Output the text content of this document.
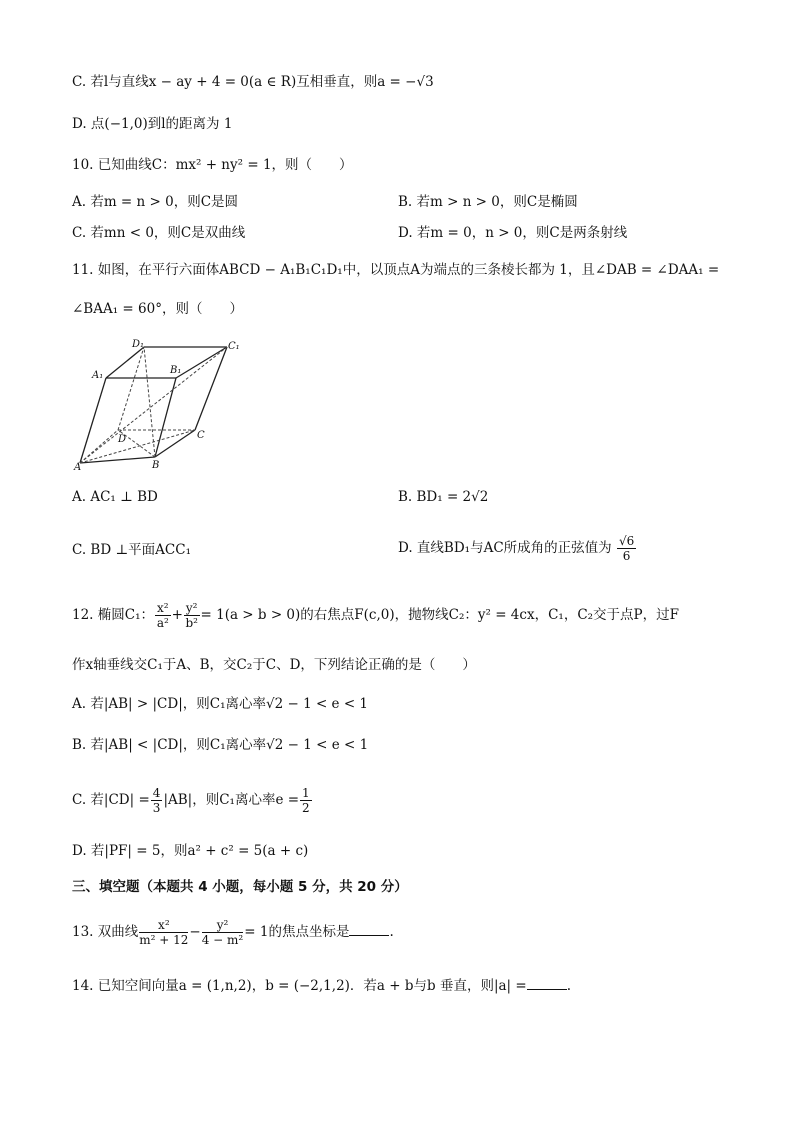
C. 若l与直线x − ay + 4 = 0(a ∈ R)互相垂直，则a = −√3
D. 点(−1,0)到l的距离为 1
10. 已知曲线C：mx² + ny² = 1，则（　　）
A. 若m = n > 0，则C是圆	B. 若m > n > 0，则C是椭圆
C. 若mn < 0，则C是双曲线	D. 若m = 0，n > 0，则C是两条射线
11. 如图，在平行六面体ABCD − A₁B₁C₁D₁中，以顶点A为端点的三条棱长都为 1，且∠DAB = ∠DAA₁ =
∠BAA₁ = 60°，则（　　）
D₁	C₁
A₁	B₁
D	C
A	B
A. AC₁ ⊥ BD	B. BD₁ = 2√2
C. BD ⊥平面ACC₁	D. 直线BD₁与AC所成角的正弦值为 $\frac{√6}{6}$
12. 椭圆C₁： $\frac{\text{x²}}{\text{a²}} + \frac{\text{y²}}{\text{b²}} = 1(a > b > 0)$的右焦点F(c,0)，抛物线C₂：y² = 4cx，C₁，C₂交于点P，过F
作x轴垂线交C₁于A、B，交C₂于C、D，下列结论正确的是（　　）
A. 若|AB| > |CD|，则C₁离心率√2 − 1 < e < 1
B. 若|AB| < |CD|，则C₁离心率√2 − 1 < e < 1
C. 若$|CD| = \frac{4}{3} |AB|$，则C₁离心率$e = \frac{1}{2}$
D. 若|PF| = 5，则a² + c² = 5(a + c)
三、填空题（本题共 4 小题，每小题 5 分，共 20 分）
13. 双曲线 $\frac{\text{x²}}{\text{m² + 12}} - \frac{\text{y²}}{\text{4 − m²}} = 1$的焦点坐标是	.
14. 已知空间向量a = (1,n,2)，b = (−2,1,2)．若a + b与b 垂直，则|a| =	.
